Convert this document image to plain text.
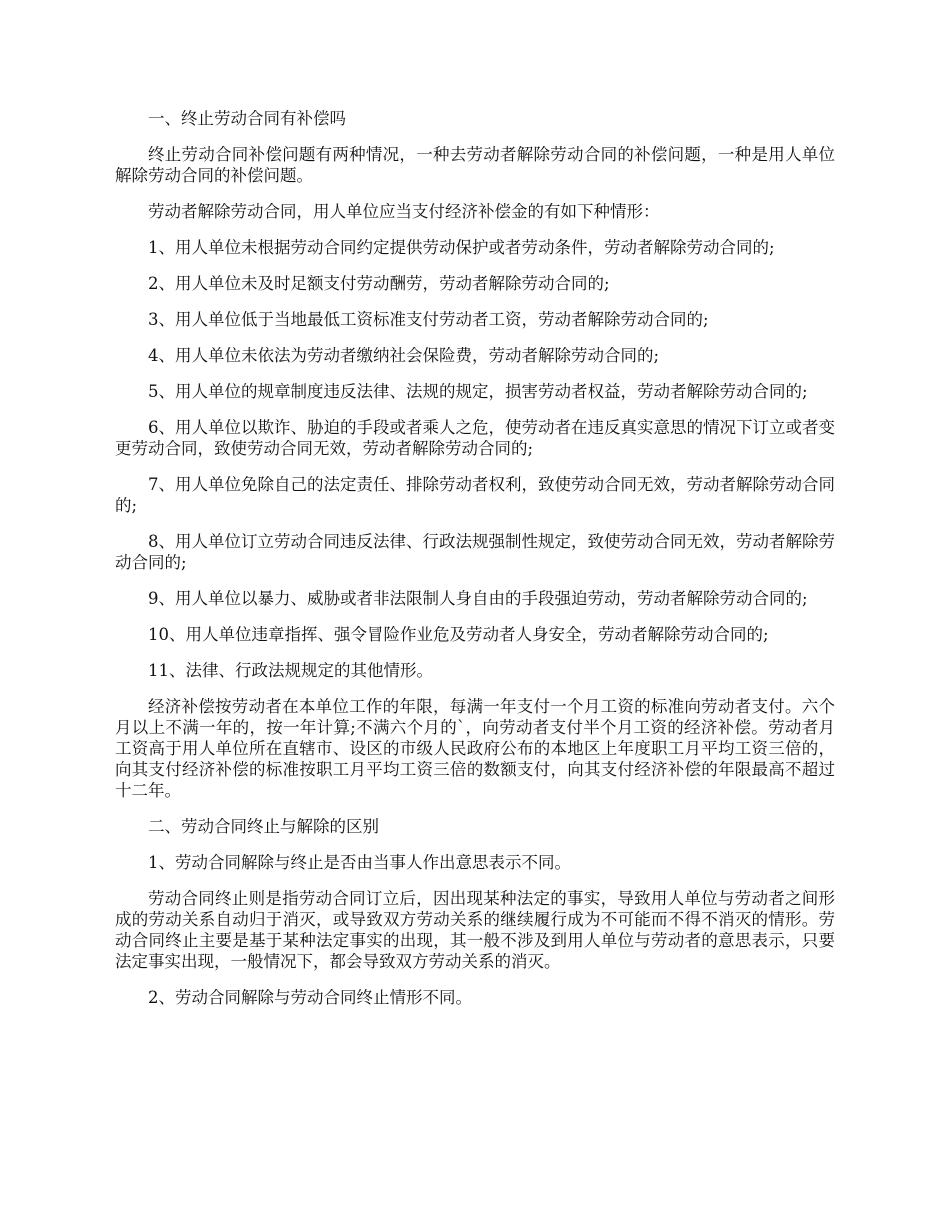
一、终止劳动合同有补偿吗

终止劳动合同补偿问题有两种情况，一种去劳动者解除劳动合同的补偿问题，一种是用人单位解除劳动合同的补偿问题。

劳动者解除劳动合同，用人单位应当支付经济补偿金的有如下种情形：

1、用人单位未根据劳动合同约定提供劳动保护或者劳动条件，劳动者解除劳动合同的;

2、用人单位未及时足额支付劳动酬劳，劳动者解除劳动合同的;

3、用人单位低于当地最低工资标准支付劳动者工资，劳动者解除劳动合同的;

4、用人单位未依法为劳动者缴纳社会保险费，劳动者解除劳动合同的;

5、用人单位的规章制度违反法律、法规的规定，损害劳动者权益，劳动者解除劳动合同的;

6、用人单位以欺诈、胁迫的手段或者乘人之危，使劳动者在违反真实意思的情况下订立或者变更劳动合同，致使劳动合同无效，劳动者解除劳动合同的;

7、用人单位免除自己的法定责任、排除劳动者权利，致使劳动合同无效，劳动者解除劳动合同的;

8、用人单位订立劳动合同违反法律、行政法规强制性规定，致使劳动合同无效，劳动者解除劳动合同的;

9、用人单位以暴力、威胁或者非法限制人身自由的手段强迫劳动，劳动者解除劳动合同的;

10、用人单位违章指挥、强令冒险作业危及劳动者人身安全，劳动者解除劳动合同的;

11、法律、行政法规规定的其他情形。

经济补偿按劳动者在本单位工作的年限，每满一年支付一个月工资的标准向劳动者支付。六个月以上不满一年的，按一年计算;不满六个月的`，向劳动者支付半个月工资的经济补偿。劳动者月工资高于用人单位所在直辖市、设区的市级人民政府公布的本地区上年度职工月平均工资三倍的，向其支付经济补偿的标准按职工月平均工资三倍的数额支付，向其支付经济补偿的年限最高不超过十二年。

二、劳动合同终止与解除的区别

1、劳动合同解除与终止是否由当事人作出意思表示不同。

劳动合同终止则是指劳动合同订立后，因出现某种法定的事实，导致用人单位与劳动者之间形成的劳动关系自动归于消灭，或导致双方劳动关系的继续履行成为不可能而不得不消灭的情形。劳动合同终止主要是基于某种法定事实的出现，其一般不涉及到用人单位与劳动者的意思表示，只要法定事实出现，一般情况下，都会导致双方劳动关系的消灭。

2、劳动合同解除与劳动合同终止情形不同。
